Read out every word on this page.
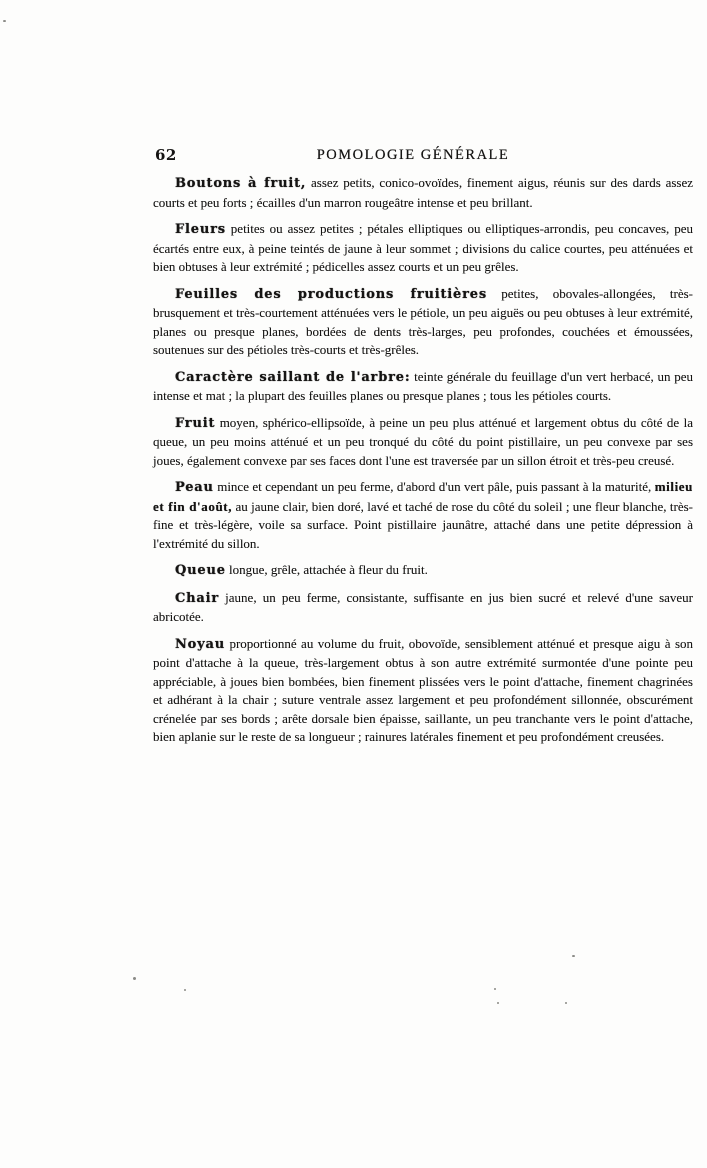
62	POMOLOGIE GÉNÉRALE

Boutons à fruit, assez petits, conico-ovoïdes, finement aigus, réunis sur des dards assez courts et peu forts ; écailles d'un marron rougeâtre intense et peu brillant.

Fleurs petites ou assez petites ; pétales elliptiques ou elliptiques-arrondis, peu concaves, peu écartés entre eux, à peine teintés de jaune à leur sommet ; divisions du calice courtes, peu atténuées et bien obtuses à leur extrémité ; pédicelles assez courts et un peu grêles.

Feuilles des productions fruitières petites, obovales-allongées, très-brusquement et très-courtement atténuées vers le pétiole, un peu aiguës ou peu obtuses à leur extrémité, planes ou presque planes, bordées de dents très-larges, peu profondes, couchées et émoussées, soutenues sur des pétioles très-courts et très-grêles.

Caractère saillant de l'arbre: teinte générale du feuillage d'un vert herbacé, un peu intense et mat ; la plupart des feuilles planes ou presque planes ; tous les pétioles courts.

Fruit moyen, sphérico-ellipsoïde, à peine un peu plus atténué et largement obtus du côté de la queue, un peu moins atténué et un peu tronqué du côté du point pistillaire, un peu convexe par ses joues, également convexe par ses faces dont l'une est traversée par un sillon étroit et très-peu creusé.

Peau mince et cependant un peu ferme, d'abord d'un vert pâle, puis passant à la maturité, milieu et fin d'août, au jaune clair, bien doré, lavé et taché de rose du côté du soleil ; une fleur blanche, très-fine et très-légère, voile sa surface. Point pistillaire jaunâtre, attaché dans une petite dépression à l'extrémité du sillon.

Queue longue, grêle, attachée à fleur du fruit.

Chair jaune, un peu ferme, consistante, suffisante en jus bien sucré et relevé d'une saveur abricotée.

Noyau proportionné au volume du fruit, obovoïde, sensiblement atténué et presque aigu à son point d'attache à la queue, très-largement obtus à son autre extrémité surmontée d'une pointe peu appréciable, à joues bien bombées, bien finement plissées vers le point d'attache, finement chagrinées et adhérant à la chair ; suture ventrale assez largement et peu profondément sillonnée, obscurément crénelée par ses bords ; arête dorsale bien épaisse, saillante, un peu tranchante vers le point d'attache, bien aplanie sur le reste de sa longueur ; rainures latérales finement et peu profondément creusées.
